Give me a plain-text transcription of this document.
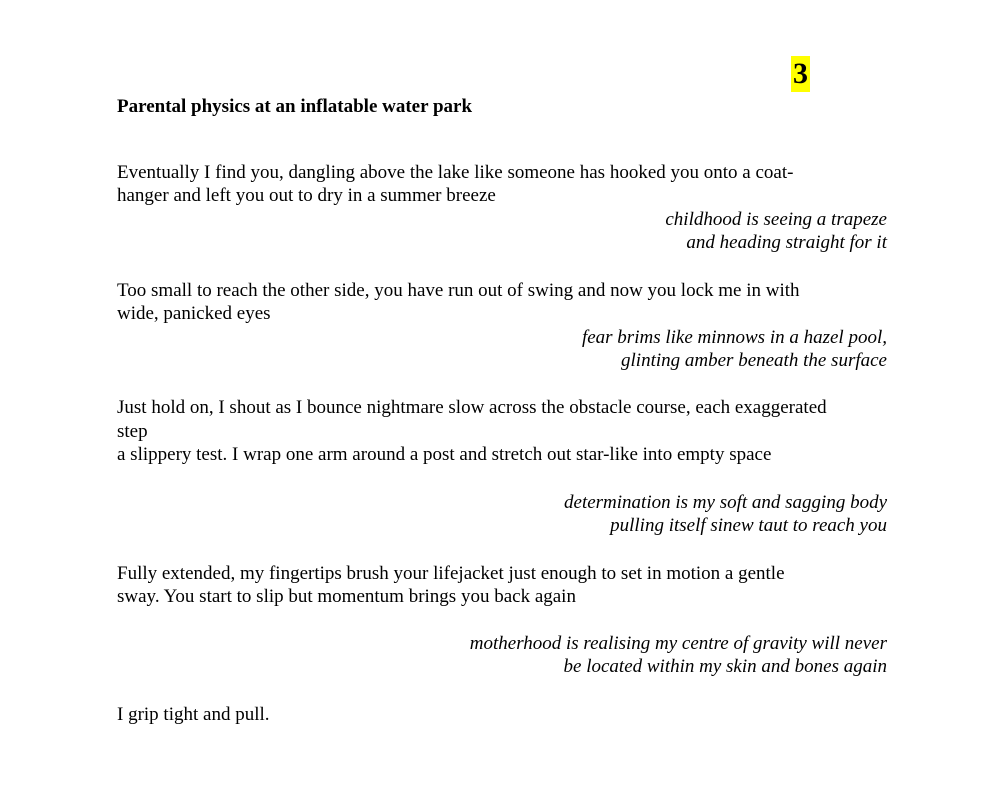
3
Parental physics at an inflatable water park
Eventually I find you, dangling above the lake like someone has hooked you onto a coat-
hanger and left you out to dry in a summer breeze
childhood is seeing a trapeze
and heading straight for it
Too small to reach the other side, you have run out of swing and now you lock me in with
wide, panicked eyes
fear brims like minnows in a hazel pool,
glinting amber beneath the surface
Just hold on, I shout as I bounce nightmare slow across the obstacle course, each exaggerated
step
a slippery test. I wrap one arm around a post and stretch out star-like into empty space
determination is my soft and sagging body
pulling itself sinew taut to reach you
Fully extended, my fingertips brush your lifejacket just enough to set in motion a gentle
sway. You start to slip but momentum brings you back again
motherhood is realising my centre of gravity will never
be located within my skin and bones again
I grip tight and pull.
